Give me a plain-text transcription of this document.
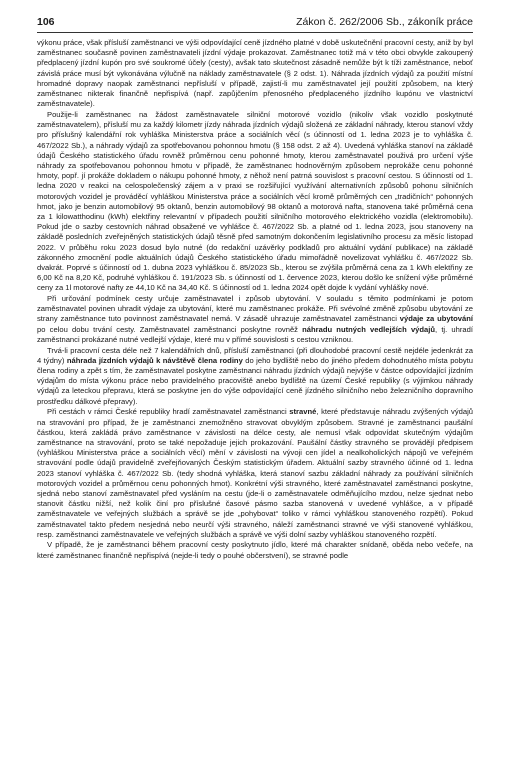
106	Zákon č. 262/2006 Sb., zákoník práce

výkonu práce, však přísluší zaměstnanci ve výši odpovídající ceně jízdného platné v době uskutečnění pracovní cesty, aniž by byl zaměstnanec současně povinen zaměstnavateli jízdní výdaje prokazovat. Zaměstnanec totiž má v této obci obvykle zakoupený předplacený jízdní kupón pro své soukromé účely (cesty), avšak tato skutečnost zásadně nemůže být k tíži zaměstnance, neboť závislá práce musí být vykonávána výlučně na náklady zaměstnavatele (§ 2 odst. 1). Náhrada jízdních výdajů za použití místní hromadné dopravy naopak zaměstnanci nepřísluší v případě, zajistí-li mu zaměstnavatel její použití způsobem, na který zaměstnanec nikterak finančně nepřispívá (např. zapůjčením přenosného předplaceného jízdního kupónu ve vlastnictví zaměstnavatele).

Použije-li zaměstnanec na žádost zaměstnavatele silniční motorové vozidlo (nikoliv však vozidlo poskytnuté zaměstnavatelem), přísluší mu za každý kilometr jízdy náhrada jízdních výdajů složená ze základní náhrady, kterou stanoví vždy pro příslušný kalendářní rok vyhláška Ministerstva práce a sociálních věcí (s účinností od 1. ledna 2023 je to vyhláška č. 467/2022 Sb.), a náhrady výdajů za spotřebovanou pohonnou hmotu (§ 158 odst. 2 až 4). Uvedená vyhláška stanoví na základě údajů Českého statistického úřadu rovněž průměrnou cenu pohonné hmoty, kterou zaměstnavatel použivá pro určení výše náhrady za spotřebovanou pohonnou hmotu v případě, že zaměstnanec hodnověrným způsobem neprokáže cenu pohonné hmoty, popř. jí prokáže dokladem o nákupu pohonné hmoty, z něhož není patrná souvislost s pracovní cestou. S účinností od 1. ledna 2020 v reakci na celospolečenský zájem a v praxi se rozšiřující využívání alternativních způsobů pohonu silničních motorových vozidel je prováděcí vyhláškou Ministerstva práce a sociálních věcí kromě průměrných cen „tradičních“ pohonných hmot, jako je benzin automobilový 95 oktanů, benzin automobilový 98 oktanů a motorová nafta, stanovena také průměrná cena za 1 kilowatthodinu (kWh) elektřiny relevantní v případech použití silničního motorového elektrického vozidla (elektromobilu). Pokud jde o sazby cestovních náhrad obsažené ve vyhlášce č. 467/2022 Sb. a platné od 1. ledna 2023, jsou stanoveny na základě posledních zveřejněných statistických údajů těsně před samotným dokončením legislativního procesu za měsíc listopad 2022. V průběhu roku 2023 dosud bylo nutné (do redakční uzávěrky podkladů pro aktuální vydání publikace) na základě zákonného zmocnění podle aktuálních údajů Českého statistického úřadu mimořádně novelizovat vyhlášku č. 467/2022 Sb. dvakrát. Poprvé s účinností od 1. dubna 2023 vyhláškou č. 85/2023 Sb., kterou se zvýšila průměrná cena za 1 kWh elektřiny ze 6,00 Kč na 8,20 Kč, podruhé vyhláškou č. 191/2023 Sb. s účinností od 1. července 2023, kterou došlo ke snížení výše průměrné ceny za 1l motorové nafty ze 44,10 Kč na 34,40 Kč. S účinností od 1. ledna 2024 opět dojde k vydání vyhlášky nové.

Při určování podmínek cesty určuje zaměstnavatel i způsob ubytování. V souladu s těmito podmínkami je potom zaměstnavatel povinen uhradit výdaje za ubytování, které mu zaměstnanec prokáže. Při svévolné změně způsobu ubytování ze strany zaměstnance tuto povinnost zaměstnavatel nemá. V zásadě uhrazuje zaměstnavatel zaměstnanci výdaje za ubytování po celou dobu trvání cesty. Zaměstnavatel zaměstnanci poskytne rovněž náhradu nutných vedlejších výdajů, tj. uhradí zaměstnanci prokázané nutné vedlejší výdaje, které mu v přímé souvislosti s cestou vzniknou.

Trvá-li pracovní cesta déle než 7 kalendářních dnů, přísluší zaměstnanci (při dlouhodobé pracovní cestě nejdéle jedenkrát za 4 týdny) náhrada jízdních výdajů k návštěvě člena rodiny do jeho bydliště nebo do jiného předem dohodnutého místa pobytu člena rodiny a zpět s tím, že zaměstnavatel poskytne zaměstnanci náhradu jízdních výdajů nejvýše v částce odpovídající jízdním výdajům do místa výkonu práce nebo pravidelného pracoviště anebo bydliště na území České republiky (s výjimkou náhrady výdajů za leteckou přepravu, která se poskytne jen do výše odpovídající ceně jízdného silničního nebo železničního dopravního prostředku dálkové přepravy).

Při cestách v rámci České republiky hradí zaměstnavatel zaměstnanci stravné, které představuje náhradu zvýšených výdajů na stravování pro případ, že je zaměstnanci znemožněno stravovat obvyklým způsobem. Stravné je zaměstnanci paušální částkou, která zakládá právo zaměstnance v závislosti na délce cesty, ale nemusí však odpovídat skutečným výdajům zaměstnance na stravování, proto se také nepožaduje jejich prokazování. Paušální částky stravného se provádějí předpisem (vyhláškou Ministerstva práce a sociálních věcí) mění v závislosti na vývoji cen jídel a nealkoholických nápojů ve veřejném stravování podle údajů pravidelně zveřejňovaných Českým statistickým úřadem. Aktuální sazby stravného účinné od 1. ledna 2023 stanoví vyhláška č. 467/2022 Sb. (tedy shodná vyhláška, která stanoví sazbu základní náhrady za používání silničních motorových vozidel a průměrnou cenu pohonných hmot). Konkrétní výši stravného, které zaměstnavatel zaměstnanci poskytne, sjedná nebo stanoví zaměstnavatel před vysláním na cestu (jde-li o zaměstnavatele odměňujícího mzdou, nelze sjednat nebo stanovit částku nižší, než kolik činí pro příslušné časové pásmo sazba stanovená v uvedené vyhlášce, a v případě zaměstnavatele ve veřejných službách a správě se jde „pohybovat“ toliko v rámci vyhláškou stanoveného rozpětí). Pokud zaměstnavatel takto předem nesjedná nebo neurčí výši stravného, náleží zaměstnanci stravné ve výši stanovené vyhláškou, resp. zaměstnanci zaměstnavatele ve veřejných službách a správě ve výši dolní sazby vyhláškou stanoveného rozpětí.

V případě, že je zaměstnanci během pracovní cesty poskytnuto jídlo, které má charakter snídaně, oběda nebo večeře, na které zaměstnanec finančně nepřispívá (nejde-li tedy o pouhé občerstvení), se stravné podle
